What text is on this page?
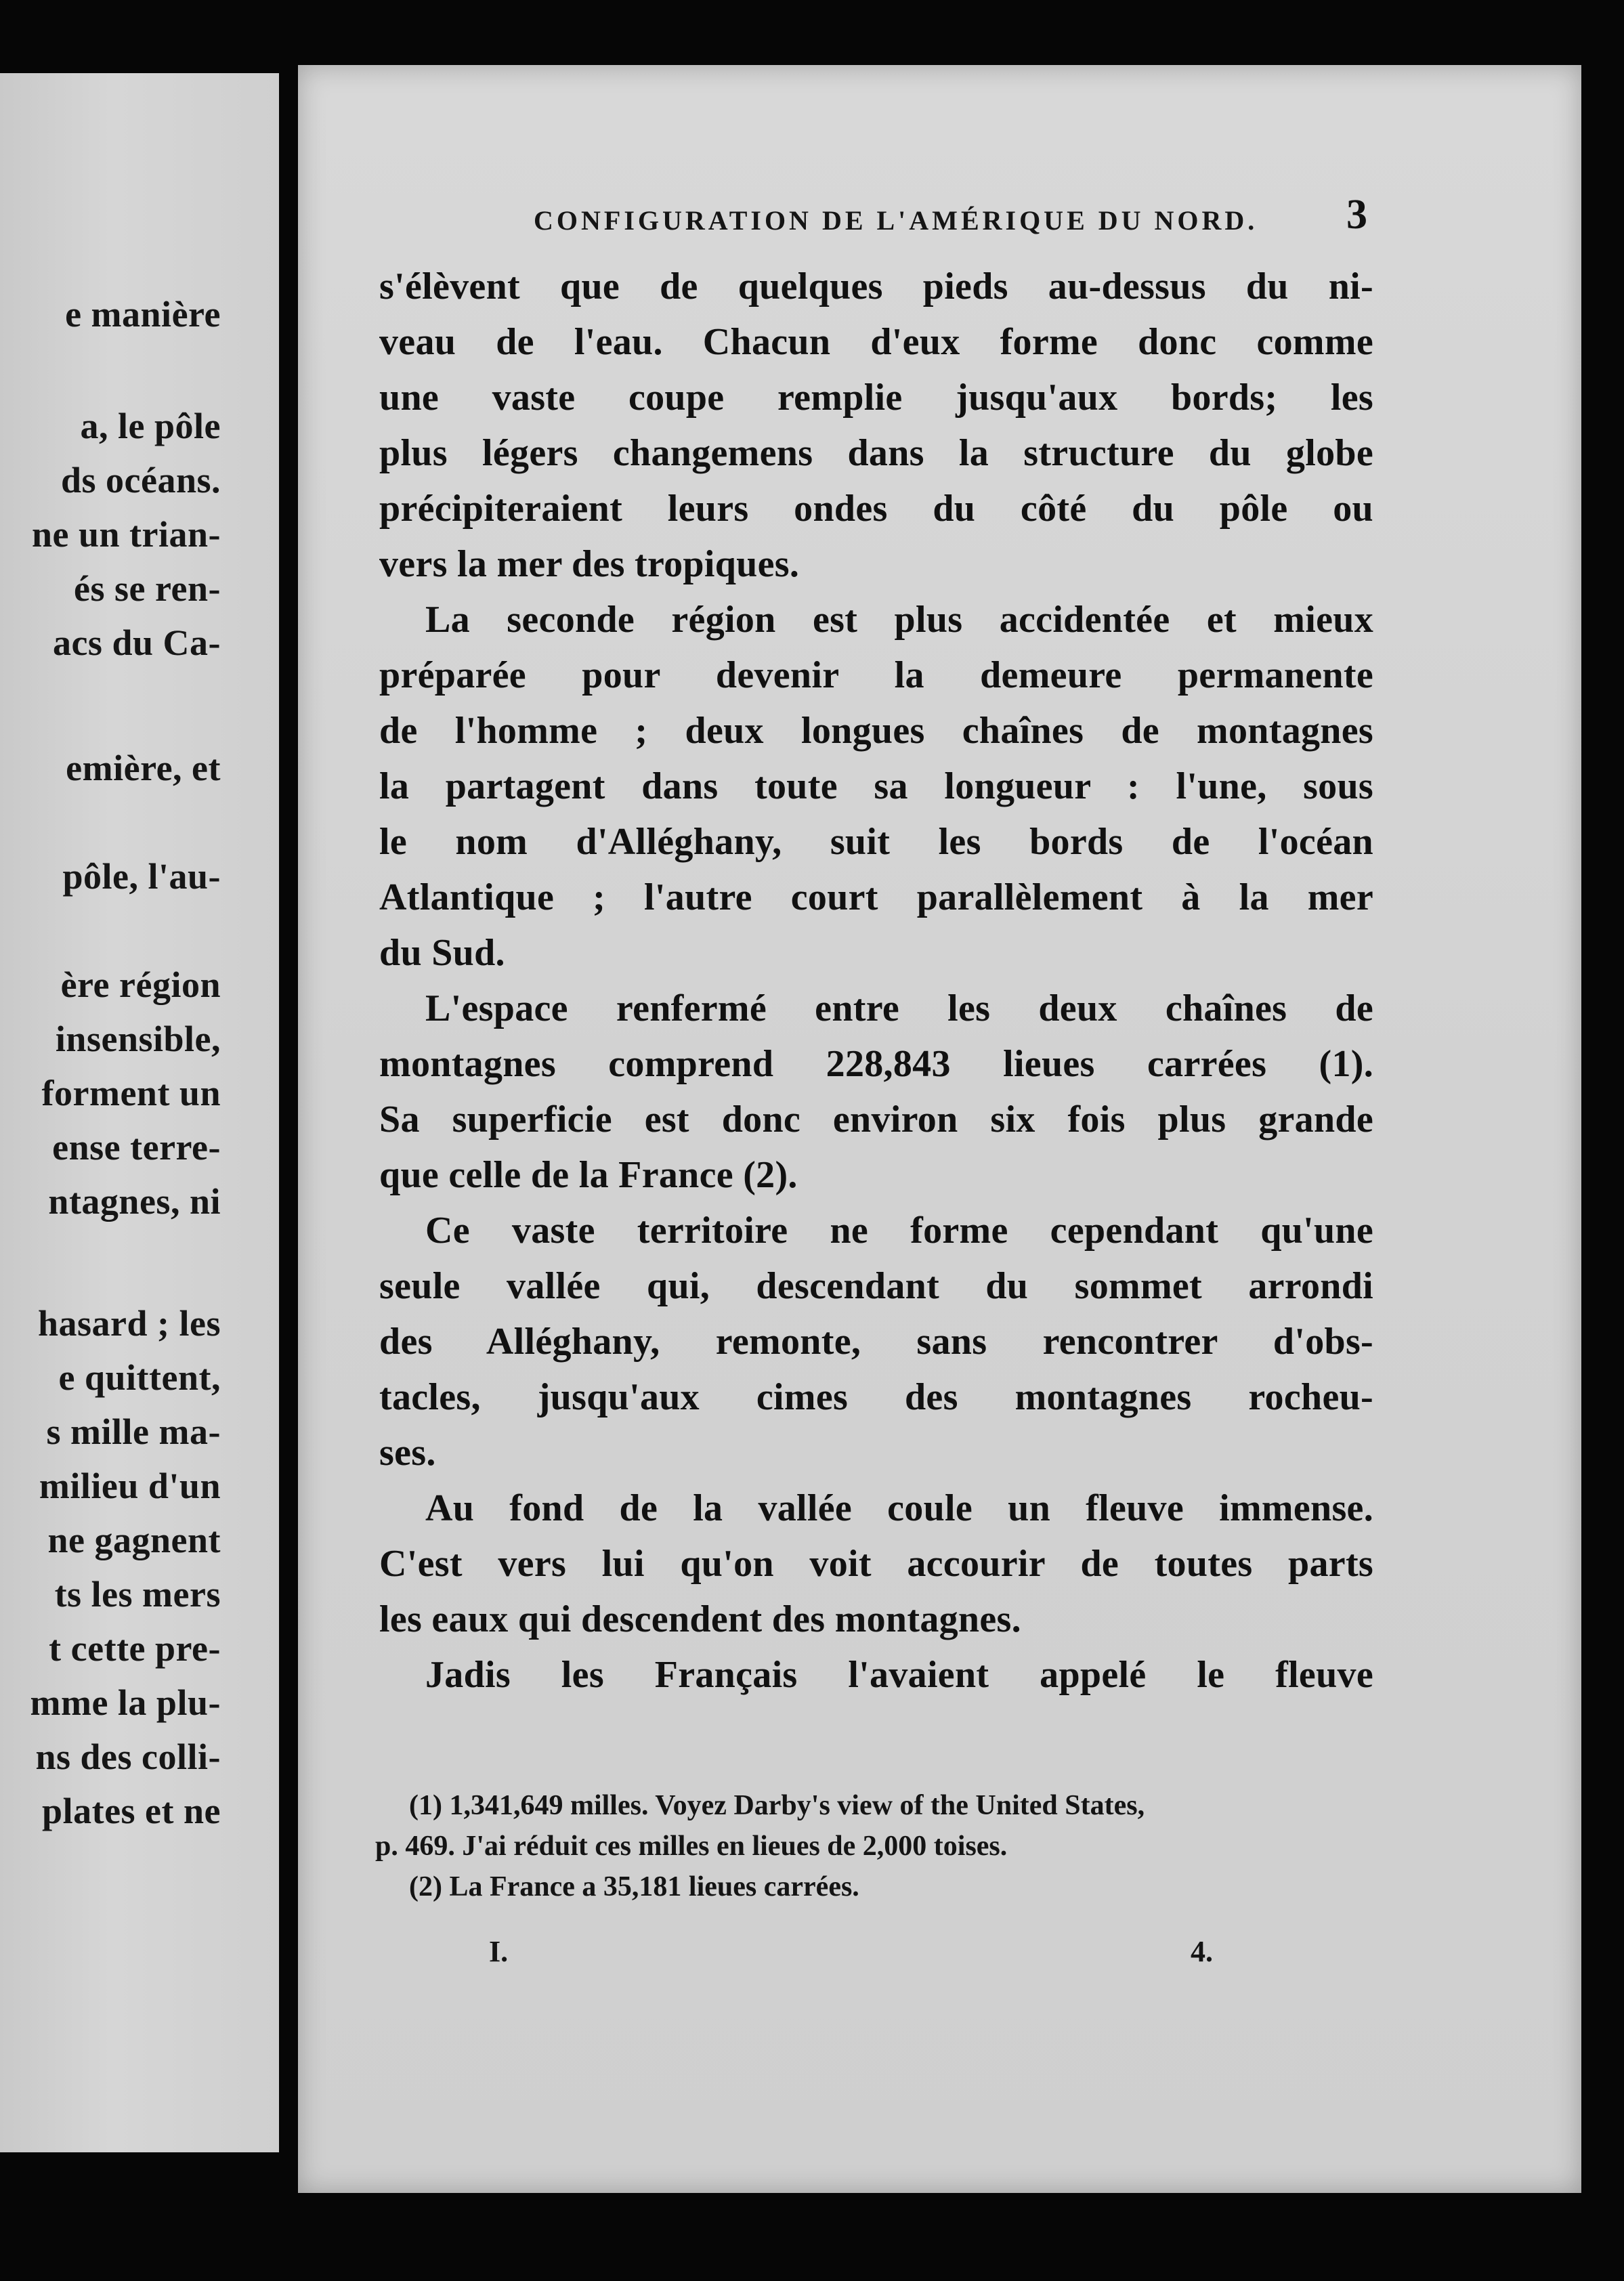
e manière
a, le pôle
ds océans.
ne un trian-
és se ren-
acs du Ca-
emière, et
pôle, l'au-
ère région
insensible,
forment un
ense terre-
ntagnes, ni
hasard ; les
e quittent,
s mille ma-
milieu d'un
ne gagnent
ts les mers
t cette pre-
mme la plu-
ns des colli-
plates et ne
CONFIGURATION DE L'AMÉRIQUE DU NORD.	3
s'élèvent que de quelques pieds au-dessus du ni-
veau de l'eau. Chacun d'eux forme donc comme
une vaste coupe remplie jusqu'aux bords; les
plus légers changemens dans la structure du globe
précipiteraient leurs ondes du côté du pôle ou
vers la mer des tropiques.
La seconde région est plus accidentée et mieux
préparée pour devenir la demeure permanente
de l'homme ; deux longues chaînes de montagnes
la partagent dans toute sa longueur : l'une, sous
le nom d'Alléghany, suit les bords de l'océan
Atlantique ; l'autre court parallèlement à la mer
du Sud.
L'espace renfermé entre les deux chaînes de
montagnes comprend 228,843 lieues carrées (1).
Sa superficie est donc environ six fois plus grande
que celle de la France (2).
Ce vaste territoire ne forme cependant qu'une
seule vallée qui, descendant du sommet arrondi
des Alléghany, remonte, sans rencontrer d'obs-
tacles, jusqu'aux cimes des montagnes rocheu-
ses.
Au fond de la vallée coule un fleuve immense.
C'est vers lui qu'on voit accourir de toutes parts
les eaux qui descendent des montagnes.
Jadis les Français l'avaient appelé le fleuve
(1) 1,341,649 milles. Voyez Darby's view of the United States,
p. 469. J'ai réduit ces milles en lieues de 2,000 toises.
(2) La France a 35,181 lieues carrées.
I.	4.
